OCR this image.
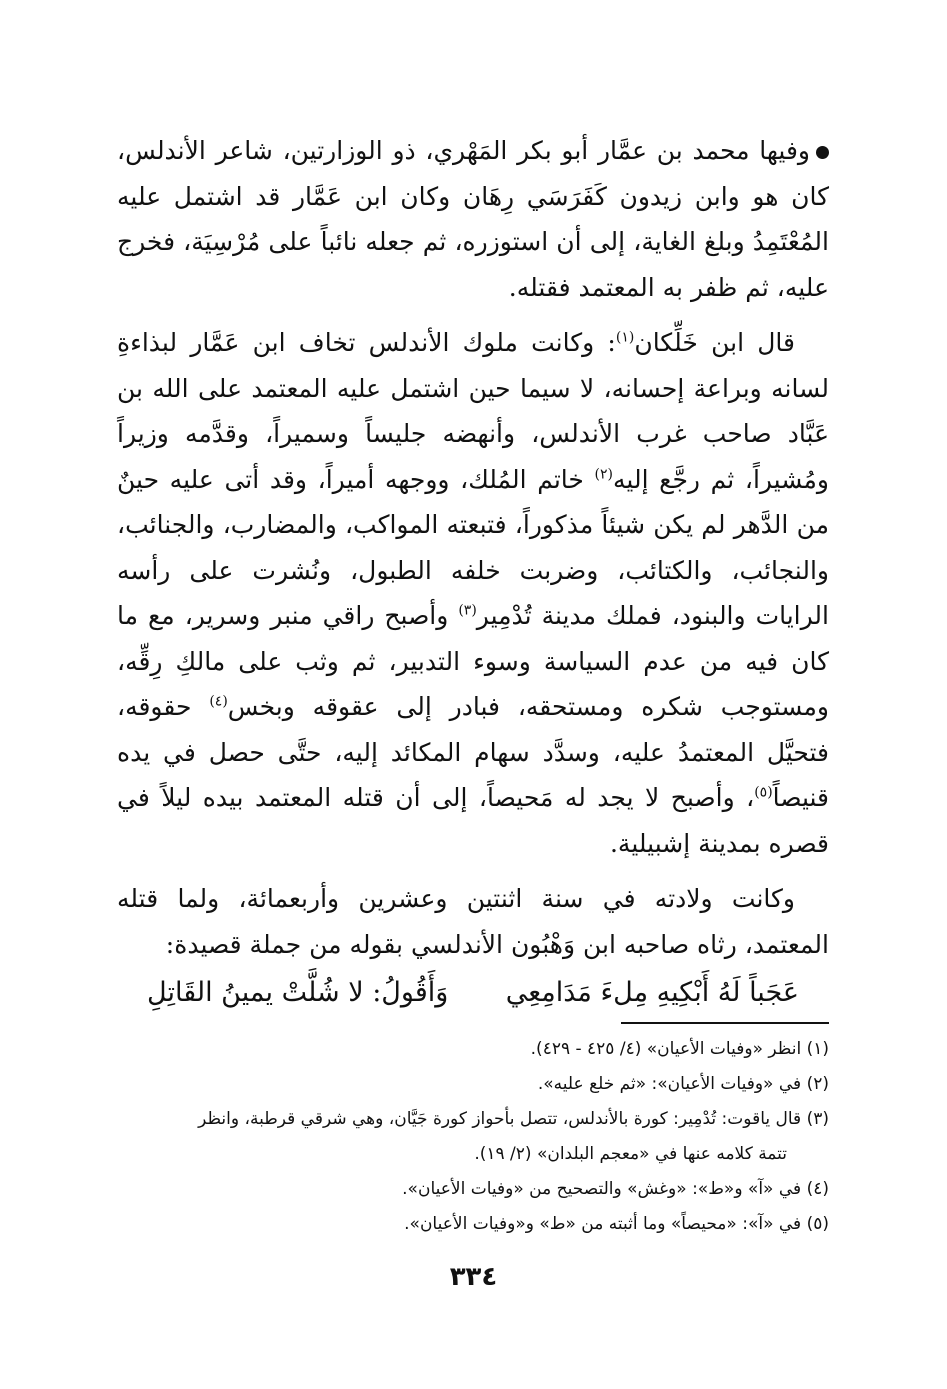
وفيها محمد بن عمَّار أبو بكر المَهْري، ذو الوزارتين، شاعر الأندلس، كان هو وابن زيدون كَفَرَسَي رِهَان وكان ابن عَمَّار قد اشتمل عليه المُعْتَمِدُ وبلغ الغاية، إلى أن استوزره، ثم جعله نائباً على مُرْسِيَة، فخرج عليه، ثم ظفر به المعتمد فقتله.

قال ابن خَلِّكان$^{(١)}$: وكانت ملوك الأندلس تخاف ابن عَمَّار لبذاءةِ لسانه وبراعة إحسانه، لا سيما حين اشتمل عليه المعتمد على الله بن عَبَّاد صاحب غرب الأندلس، وأنهضه جليساً وسميراً، وقدَّمه وزيراً ومُشيراً، ثم رجَّع إليه$^{(٢)}$ خاتم المُلك، ووجهه أميراً، وقد أتى عليه حينٌ من الدَّهر لم يكن شيئاً مذكوراً، فتبعته المواكب، والمضارب، والجنائب، والنجائب، والكتائب، وضربت خلفه الطبول، ونُشرت على رأسه الرايات والبنود، فملك مدينة تُدْمِير$^{(٣)}$ وأصبح راقي منبر وسرير، مع ما كان فيه من عدم السياسة وسوء التدبير، ثم وثب على مالكِ رِقِّه، ومستوجب شكره ومستحقه، فبادر إلى عقوقه وبخس$^{(٤)}$ حقوقه، فتحيَّل المعتمدُ عليه، وسدَّد سهام المكائد إليه، حتَّى حصل في يده قنيصاً$^{(٥)}$، وأصبح لا يجد له مَحيصاً، إلى أن قتله المعتمد بيده ليلاً في قصره بمدينة إشبيلية.

وكانت ولادته في سنة اثنتين وعشرين وأربعمائة، ولما قتله المعتمد، رثاه صاحبه ابن وَهْبُون الأندلسي بقوله من جملة قصيدة:

عَجَباً لَهُ أَبْكِيهِ مِلءَ مَدَامِعِي
وَأَقُولُ: لا شُلَّتْ يمينُ القَاتِلِ

(١) انظر «وفيات الأعيان» (٤/ ٤٢٥ - ٤٢٩).

(٢) في «وفيات الأعيان»: «ثم خلع عليه».

(٣) قال ياقوت: تُدْمِير: كورة بالأندلس، تتصل بأحواز كورة جَيَّان، وهي شرقي قرطبة، وانظر
تتمة كلامه عنها في «معجم البلدان» (٢/ ١٩).

(٤) في «آ» و«ط»: «وغش» والتصحيح من «وفيات الأعيان».

(٥) في «آ»: «محيصاً» وما أثبته من «ط» و«وفيات الأعيان».

٣٣٤
